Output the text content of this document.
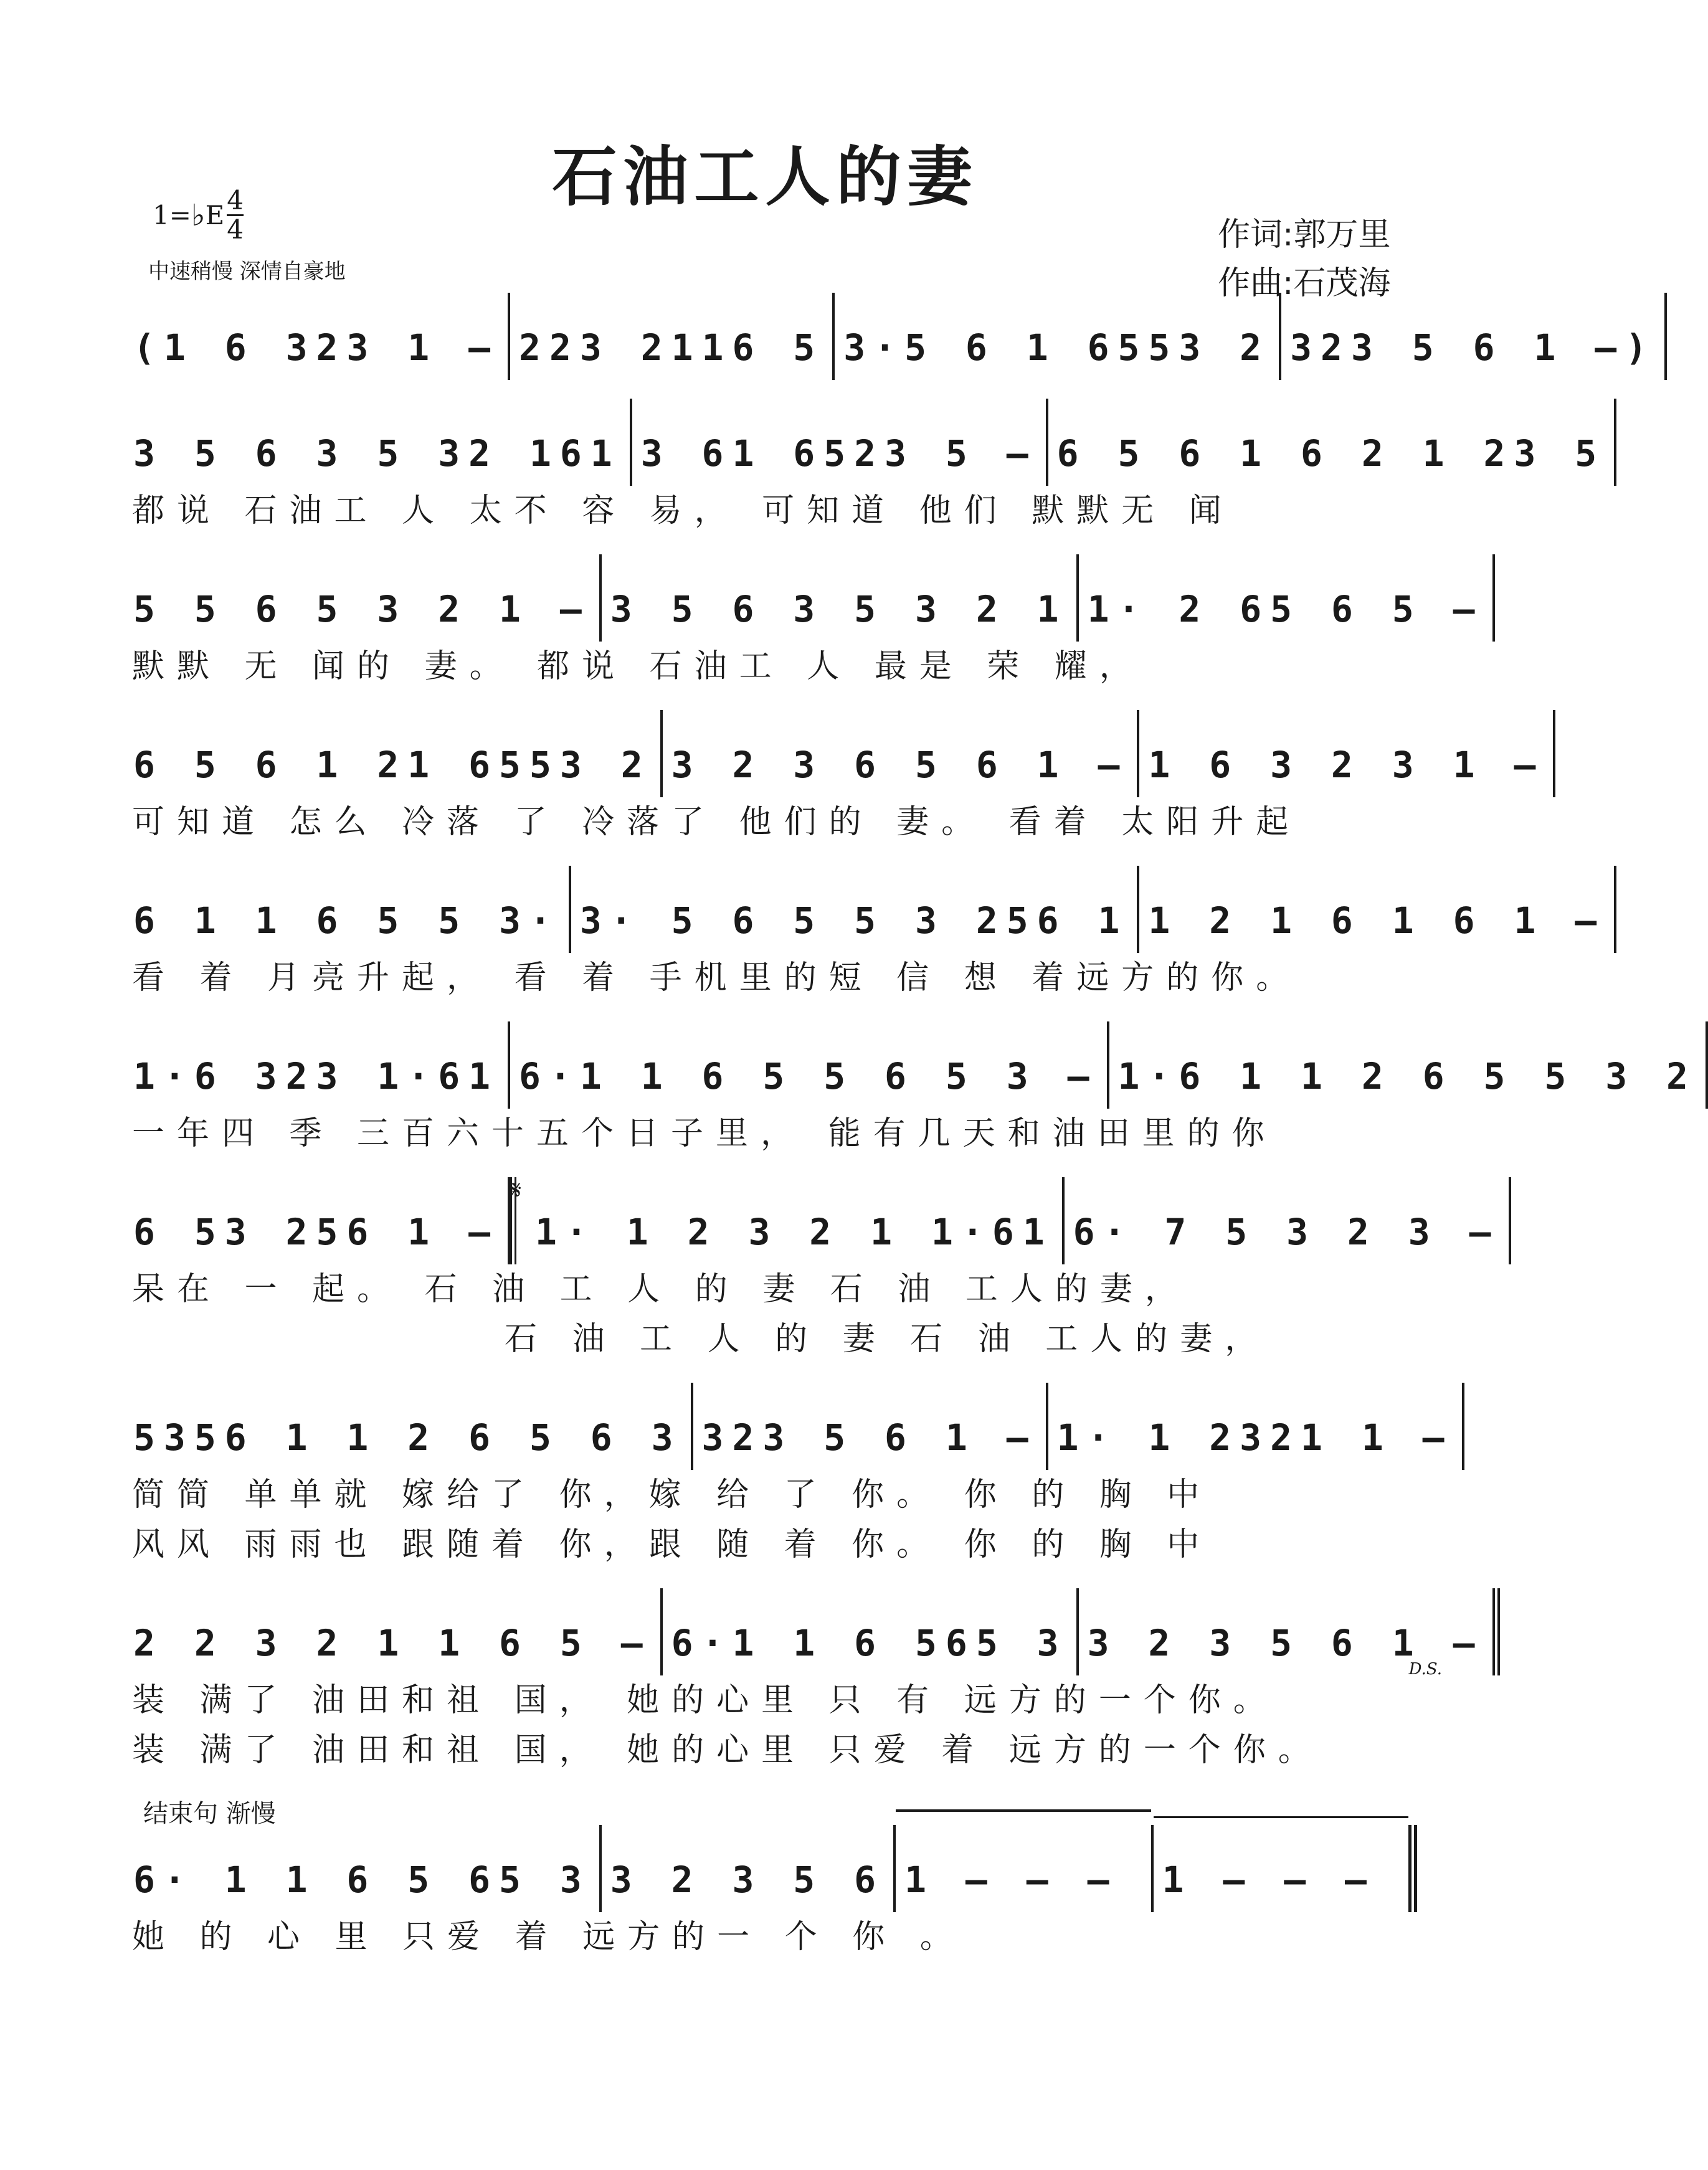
石油工人的妻
1= ♭ E $\frac{4}{4}$
中速稍慢 深情自豪地
作词:郭万里
作曲:石茂海
(1 6 323 1 – 223 2116 5 3·5 6 1 6553 2 323 5 6 1 –)
3 5 6 3 5 32 161 3 61 6523 5 – 6 5 6 1 6 2 1 23 5
都说 石油工 人 太不 容 易， 可知道 他们 默默无 闻
5 5 6 5 3 2 1 – 3 5 6 3 5 3 2 1 1· 2 65 6 5 –
默默 无 闻的 妻。 都说 石油工 人 最是 荣 耀，
6 5 6 1 21 6553 2 3 2 3 6 5 6 1 – 1 6 3 2 3 1 –
可知道 怎么 冷落 了 冷落了 他们的 妻。 看着 太阳升起
6 1 1 6 5 5 3· 3· 5 6 5 5 3 256 1 1 2 1 6 1 6 1 –
看 着 月亮升起， 看 着 手机里的短 信 想 着远方的你。
1·6 323 1·61 6·1 1 6 5 5 6 5 3 – 1·6 1 1 2 6 5 5 3 2
一年四 季 三百六十五个日子里， 能有几天和油田里的你
6 53 256 1 –
𝄋
1· 1 2 3 2 1 1·61 6· 7 5 3 2 3 –
呆在 一 起。 石 油 工 人 的 妻 石 油 工人的妻，
石 油 工 人 的 妻 石 油 工人的妻，
5356 1 1 2 6 5 6 3 323 5 6 1 – 1· 1 2321 1 –
简简 单单就 嫁给了 你，嫁 给 了 你。 你 的 胸 中
风风 雨雨也 跟随着 你，跟 随 着 你。 你 的 胸 中
2 2 3 2 1 1 6 5 – 6·1 1 6 565 3 3 2 3 5 6 1 –
D.S.
装 满了 油田和祖 国， 她的心里 只 有 远方的一个你。
装 满了 油田和祖 国， 她的心里 只爱 着 远方的一个你。
结束句 渐慢
6· 1 1 6 5 65 3 3 2 3 5 6 1 – – – 1 – – –
她 的 心 里 只爱 着 远方的一 个 你 。
